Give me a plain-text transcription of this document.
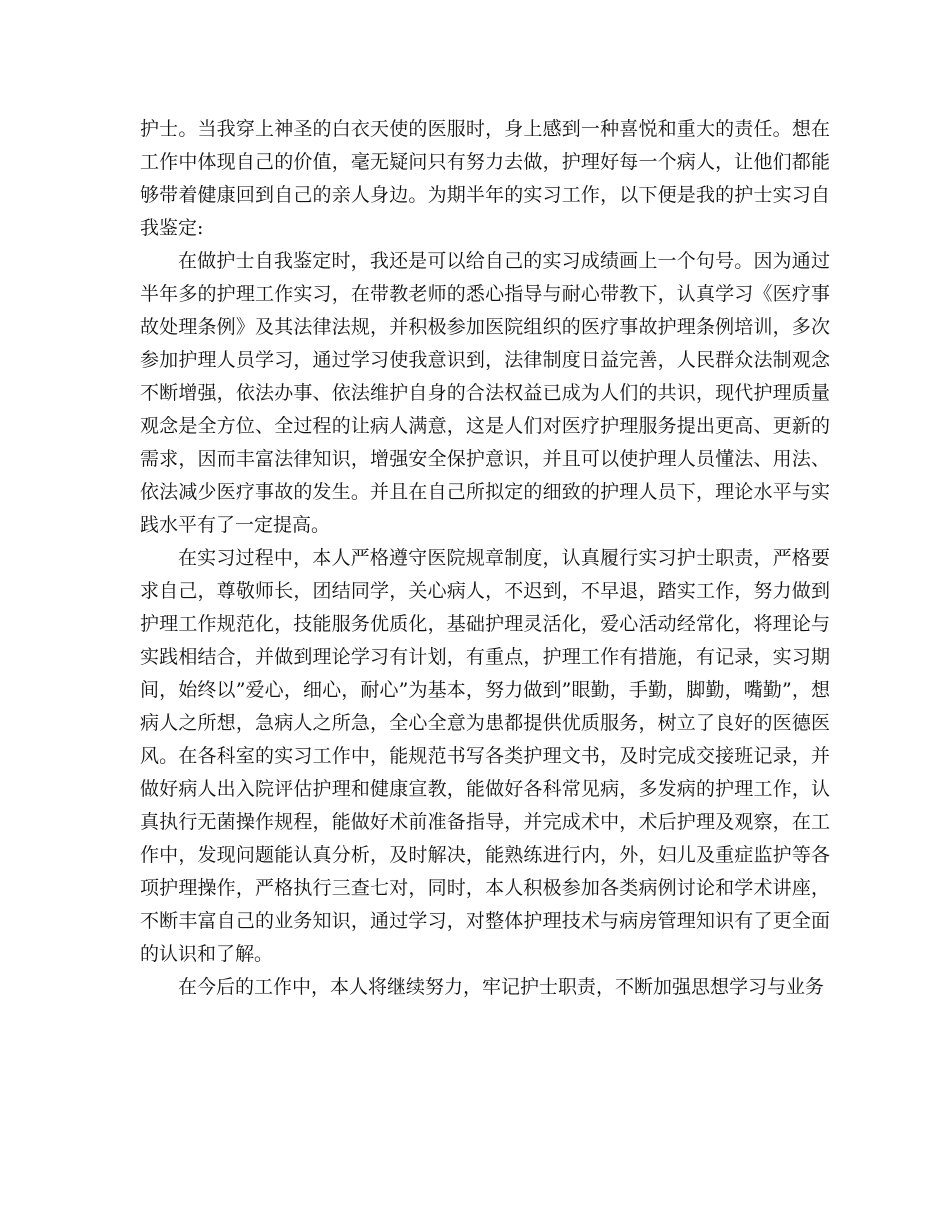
护士。当我穿上神圣的白衣天使的医服时，身上感到一种喜悦和重大的责任。想在工作中体现自己的价值，毫无疑问只有努力去做，护理好每一个病人，让他们都能够带着健康回到自己的亲人身边。为期半年的实习工作，以下便是我的护士实习自我鉴定:

在做护士自我鉴定时，我还是可以给自己的实习成绩画上一个句号。因为通过半年多的护理工作实习，在带教老师的悉心指导与耐心带教下，认真学习《医疗事故处理条例》及其法律法规，并积极参加医院组织的医疗事故护理条例培训，多次参加护理人员学习，通过学习使我意识到，法律制度日益完善，人民群众法制观念不断增强，依法办事、依法维护自身的合法权益已成为人们的共识，现代护理质量观念是全方位、全过程的让病人满意，这是人们对医疗护理服务提出更高、更新的需求，因而丰富法律知识，增强安全保护意识，并且可以使护理人员懂法、用法、依法减少医疗事故的发生。并且在自己所拟定的细致的护理人员下，理论水平与实践水平有了一定提高。

在实习过程中，本人严格遵守医院规章制度，认真履行实习护士职责，严格要求自己，尊敬师长，团结同学，关心病人，不迟到，不早退，踏实工作，努力做到护理工作规范化，技能服务优质化，基础护理灵活化，爱心活动经常化，将理论与实践相结合，并做到理论学习有计划，有重点，护理工作有措施，有记录，实习期间，始终以”爱心，细心，耐心”为基本，努力做到”眼勤，手勤，脚勤，嘴勤”，想病人之所想，急病人之所急，全心全意为患都提供优质服务，树立了良好的医德医风。在各科室的实习工作中，能规范书写各类护理文书，及时完成交接班记录，并做好病人出入院评估护理和健康宣教，能做好各科常见病，多发病的护理工作，认真执行无菌操作规程，能做好术前准备指导，并完成术中，术后护理及观察，在工作中，发现问题能认真分析，及时解决，能熟练进行内，外，妇儿及重症监护等各项护理操作，严格执行三查七对，同时，本人积极参加各类病例讨论和学术讲座，不断丰富自己的业务知识，通过学习，对整体护理技术与病房管理知识有了更全面的认识和了解。

在今后的工作中，本人将继续努力，牢记护士职责，不断加强思想学习与业务
